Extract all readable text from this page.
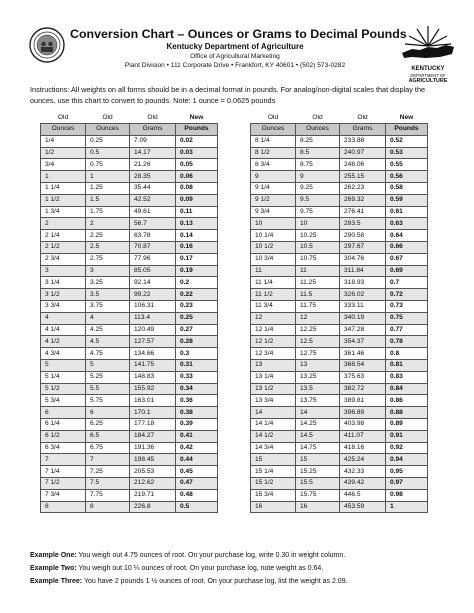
Conversion Chart – Ounces or Grams to Decimal Pounds
Kentucky Department of Agriculture
Office of Agricultural Marketing
Plant Division • 111 Corporate Drive • Frankfort, KY 40601 • (502) 573-0282	KENTUCKY
DEPARTMENT OF
AGRICULTURE
Instructions: All weights on all forms should be in a decimal format in pounds. For analog/non-digital scales that display the ounces, use this chart to convert to pounds. Note: 1 ounce = 0.0625 pounds
Old	Old	Old	New
Ounces	Ounces	Grams	Pounds
1/4	0.25	7.09	0.02
1/2	0.5	14.17	0.03
3/4	0.75	21.26	0.05
1	1	28.35	0.06
1 1/4	1.25	35.44	0.08
1 1/2	1.5	42.52	0.09
1 3/4	1.75	49.61	0.11
2	2	56.7	0.13
2 1/4	2.25	63.78	0.14
2 1/2	2.5	70.87	0.16
2 3/4	2.75	77.96	0.17
3	3	85.05	0.19
3 1/4	3.25	92.14	0.2
3 1/2	3.5	99.22	0.22
3 3/4	3.75	106.31	0.23
4	4	113.4	0.25
4 1/4	4.25	120.49	0.27
4 1/2	4.5	127.57	0.28
4 3/4	4.75	134.66	0.3
5	5	141.75	0.31
5 1/4	5.25	148.83	0.33
5 1/2	5.5	155.92	0.34
5 3/4	5.75	163.01	0.36
6	6	170.1	0.38
6 1/4	6.25	177.18	0.39
6 1/2	6.5	184.27	0.41
6 3/4	6.75	191.36	0.42
7	7	198.45	0.44
7 1/4	7.25	205.53	0.45
7 1/2	7.5	212.62	0.47
7 3/4	7.75	219.71	0.48
8	8	226.8	0.5
Old	Old	Old	New
Ounces	Ounces	Grams	Pounds
8 1/4	8.25	233.88	0.52
8 1/2	8.5	240.97	0.53
8 3/4	8.75	248.06	0.55
9	9	255.15	0.56
9 1/4	9.25	262.23	0.58
9 1/2	9.5	269.32	0.59
9 3/4	9.75	276.41	0.61
10	10	283.5	0.63
10 1/4	10.25	290.58	0.64
10 1/2	10.5	297.67	0.66
10 3/4	10.75	304.76	0.67
11	11	311.84	0.69
11 1/4	11.25	318.93	0.7
11 1/2	11.5	326.02	0.72
11 3/4	11.75	333.11	0.73
12	12	340.19	0.75
12 1/4	12.25	347.28	0.77
12 1/2	12.5	354.37	0.78
12 3/4	12.75	361.46	0.8
13	13	368.54	0.81
13 1/4	13.25	375.63	0.83
13 1/2	13.5	382.72	0.84
13 3/4	13.75	389.81	0.86
14	14	396.89	0.88
14 1/4	14.25	403.98	0.89
14 1/2	14.5	411.07	0.91
14 3/4	14.75	418.16	0.92
15	15	425.24	0.94
15 1/4	15.25	432.33	0.95
15 1/2	15.5	439.42	0.97
15 3/4	15.75	446.5	0.98
16	16	453.59	1
Example One: You weigh out 4.75 ounces of root. On your purchase log, write 0.30 in weight column.
Example Two: You weigh out 10 ¼ ounces of root. On your purchase log, note weight as 0.64.
Example Three: You have 2 pounds 1 ½ ounces of root. On your purchase log, list the weight as 2.09.
